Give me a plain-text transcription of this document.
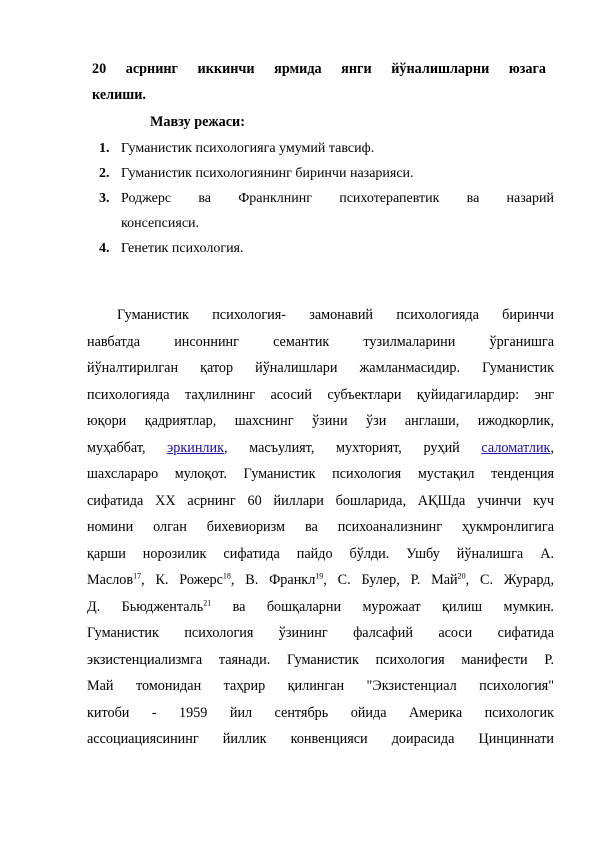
20 асрнинг иккинчи ярмида янги йўналишларни юзага
келиши.
Мавзу режаси:
1. Гуманистик психологияга умумий тавсиф.
2. Гуманистик психологиянинг биринчи назарияси.
3. Роджерс ва Франклнинг психотерапевтик ва назарий
консепсияси.
4. Генетик психология.
Гуманистик психология- замонавий психологияда биринчи
навбатда инсоннинг семантик тузилмаларини ўрганишга
йўналтирилган қатор йўналишлари жамланмасидир. Гуманистик
психологияда таҳлилнинг асосий субъектлари қуйидагилардир: энг
юқори қадриятлар, шахснинг ўзини ўзи англаши, ижодкорлик,
муҳаббат, эркинлик, масъулият, мухторият, руҳий саломатлик,
шахслараро мулоқот. Гуманистик психология мустақил тенденция
сифатида XX асрнинг 60 йиллари бошларида, АҚШда учинчи куч
номини олган бихевиоризм ва психоанализнинг ҳукмронлигига
қарши норозилик сифатида пайдо бўлди. Ушбу йўналишга А.
Маслов$^{17}$, К. Рожерс$^{18}$, В. Франкл$^{19}$, С. Булер, Р. Май$^{20}$, С. Журард,
Д. Бьюдженталь$^{21}$ ва бошқаларни мурожаат қилиш мумкин.
Гуманистик психология ўзининг фалсафий асоси сифатида
экзистенциализмга таянади. Гуманистик психология манифести Р.
Май томонидан таҳрир қилинган "Экзистенциал психология"
китоби - 1959 йил сентябрь ойида Америка психологик
ассоциациясининг йиллик конвенцияси доирасида Цинциннати
